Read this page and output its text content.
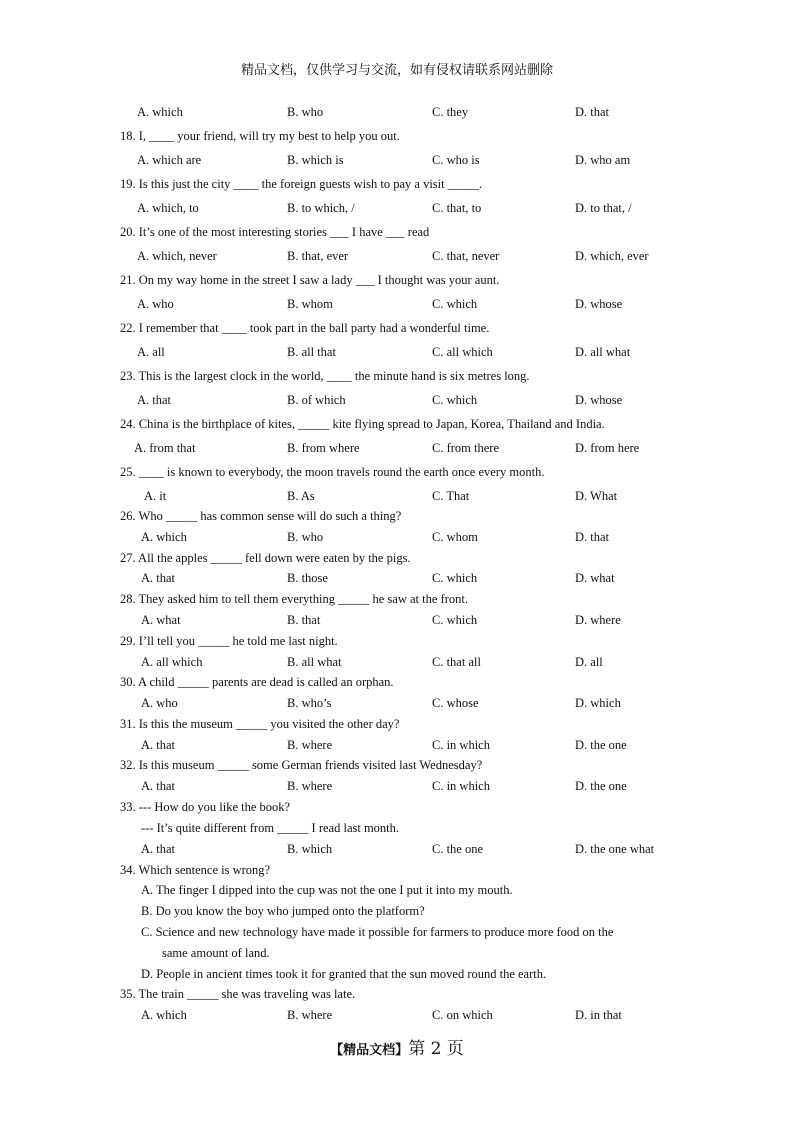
精品文档，仅供学习与交流，如有侵权请联系网站删除
A. which	B. who	C. they	D. that
18. I, ____ your friend, will try my best to help you out.
A. which are	B. which is	C. who is	D. who am
19. Is this just the city ____ the foreign guests wish to pay a visit _____.
A. which, to	B. to which, /	C. that, to	D. to that, /
20. It’s one of the most interesting stories ___ I have ___ read
A. which, never	B. that, ever	C. that, never	D. which, ever
21. On my way home in the street I saw a lady ___ I thought was your aunt.
A. who	B. whom	C. which	D. whose
22. I remember that ____ took part in the ball party had a wonderful time.
A. all	B. all that	C. all which	D. all what
23. This is the largest clock in the world, ____ the minute hand is six metres long.
A. that	B. of which	C. which	D. whose
24. China is the birthplace of kites, _____ kite flying spread to Japan, Korea, Thailand and India.
A. from that	B. from where	C. from there	D. from here
25. ____ is known to everybody, the moon travels round the earth once every month.
A. it	B. As	C. That	D. What
26. Who _____ has common sense will do such a thing?
A. which	B. who	C. whom	D. that
27. All the apples _____ fell down were eaten by the pigs.
A. that	B. those	C. which	D. what
28. They asked him to tell them everything _____ he saw at the front.
A. what	B. that	C. which	D. where
29. I’ll tell you _____ he told me last night.
A. all which	B. all what	C. that all	D. all
30. A child _____ parents are dead is called an orphan.
A. who	B. who’s	C. whose	D. which
31. Is this the museum _____ you visited the other day?
A. that	B. where	C. in which	D. the one
32. Is this museum _____ some German friends visited last Wednesday?
A. that	B. where	C. in which	D. the one
33. --- How do you like the book?
--- It’s quite different from _____ I read last month.
A. that	B. which	C. the one	D. the one what
34. Which sentence is wrong?
A. The finger I dipped into the cup was not the one I put it into my mouth.
B. Do you know the boy who jumped onto the platform?
C. Science and new technology have made it possible for farmers to produce more food on the
same amount of land.
D. People in ancient times took it for granted that the sun moved round the earth.
35. The train _____ she was traveling was late.
A. which	B. where	C. on which	D. in that
【精品文档】第 2 页
